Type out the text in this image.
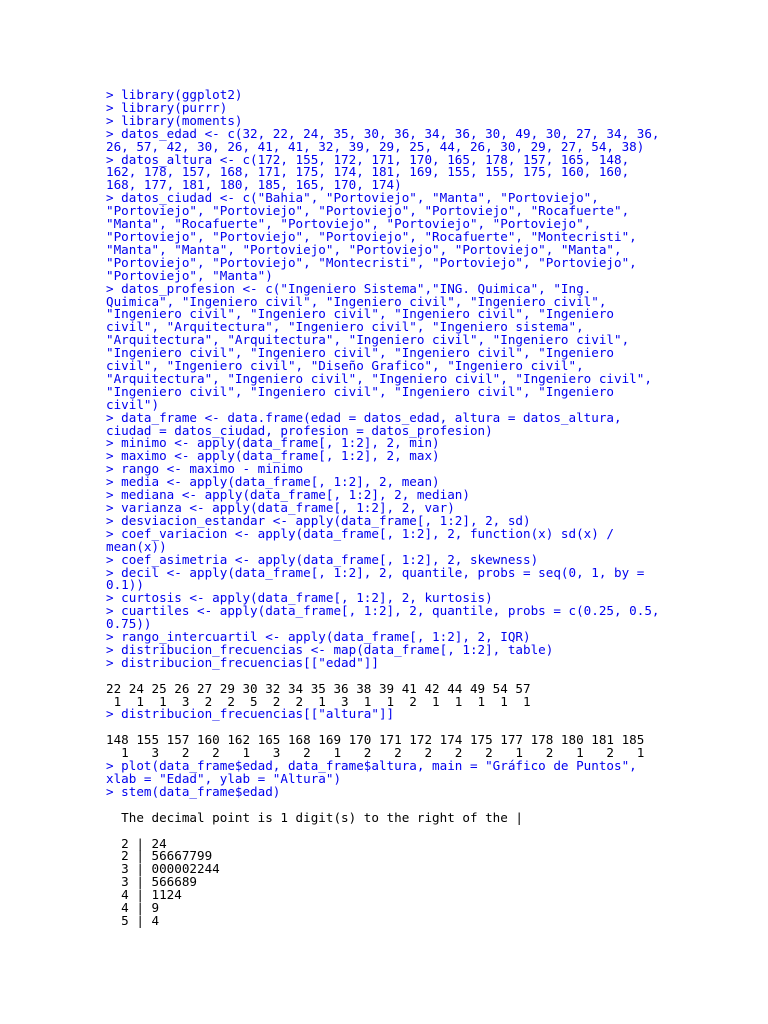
> library(ggplot2)
> library(purrr)
> library(moments)
> datos_edad <- c(32, 22, 24, 35, 30, 36, 34, 36, 30, 49, 30, 27, 34, 36,
26, 57, 42, 30, 26, 41, 41, 32, 39, 29, 25, 44, 26, 30, 29, 27, 54, 38)
> datos_altura <- c(172, 155, 172, 171, 170, 165, 178, 157, 165, 148,
162, 178, 157, 168, 171, 175, 174, 181, 169, 155, 155, 175, 160, 160,
168, 177, 181, 180, 185, 165, 170, 174)
> datos_ciudad <- c("Bahia", "Portoviejo", "Manta", "Portoviejo",
"Portoviejo", "Portoviejo", "Portoviejo", "Portoviejo", "Rocafuerte",
"Manta", "Rocafuerte", "Portoviejo", "Portoviejo", "Portoviejo",
"Portoviejo", "Portoviejo", "Portoviejo", "Rocafuerte", "Montecristi",
"Manta", "Manta", "Portoviejo", "Portoviejo", "Portoviejo", "Manta",
"Portoviejo", "Portoviejo", "Montecristi", "Portoviejo", "Portoviejo",
"Portoviejo", "Manta")
> datos_profesion <- c("Ingeniero Sistema","ING. Quimica", "Ing.
Quimica", "Ingeniero civil", "Ingeniero civil", "Ingeniero civil",
"Ingeniero civil", "Ingeniero civil", "Ingeniero civil", "Ingeniero
civil", "Arquitectura", "Ingeniero civil", "Ingeniero sistema",
"Arquitectura", "Arquitectura", "Ingeniero civil", "Ingeniero civil",
"Ingeniero civil", "Ingeniero civil", "Ingeniero civil", "Ingeniero
civil", "Ingeniero civil", "Diseño Grafico", "Ingeniero civil",
"Arquitectura", "Ingeniero civil", "Ingeniero civil", "Ingeniero civil",
"Ingeniero civil", "Ingeniero civil", "Ingeniero civil", "Ingeniero
civil")
> data_frame <- data.frame(edad = datos_edad, altura = datos_altura,
ciudad = datos_ciudad, profesion = datos_profesion)
> minimo <- apply(data_frame[, 1:2], 2, min)
> maximo <- apply(data_frame[, 1:2], 2, max)
> rango <- maximo - minimo
> media <- apply(data_frame[, 1:2], 2, mean)
> mediana <- apply(data_frame[, 1:2], 2, median)
> varianza <- apply(data_frame[, 1:2], 2, var)
> desviacion_estandar <- apply(data_frame[, 1:2], 2, sd)
> coef_variacion <- apply(data_frame[, 1:2], 2, function(x) sd(x) /
mean(x))
> coef_asimetria <- apply(data_frame[, 1:2], 2, skewness)
> decil <- apply(data_frame[, 1:2], 2, quantile, probs = seq(0, 1, by =
0.1))
> curtosis <- apply(data_frame[, 1:2], 2, kurtosis)
> cuartiles <- apply(data_frame[, 1:2], 2, quantile, probs = c(0.25, 0.5,
0.75))
> rango_intercuartil <- apply(data_frame[, 1:2], 2, IQR)
> distribucion_frecuencias <- map(data_frame[, 1:2], table)
> distribucion_frecuencias[["edad"]]
22 24 25 26 27 29 30 32 34 35 36 38 39 41 42 44 49 54 57
1  1  1  3  2  2  5  2  2  1  3  1  1  2  1  1  1  1  1
> distribucion_frecuencias[["altura"]]
148 155 157 160 162 165 168 169 170 171 172 174 175 177 178 180 181 185
1   3   2   2   1   3   2   1   2   2   2   2   2   1   2   1   2   1
> plot(data_frame$edad, data_frame$altura, main = "Gráfico de Puntos",
xlab = "Edad", ylab = "Altura")
> stem(data_frame$edad)
The decimal point is 1 digit(s) to the right of the |
2 | 24
2 | 56667799
3 | 000002244
3 | 566689
4 | 1124
4 | 9
5 | 4
